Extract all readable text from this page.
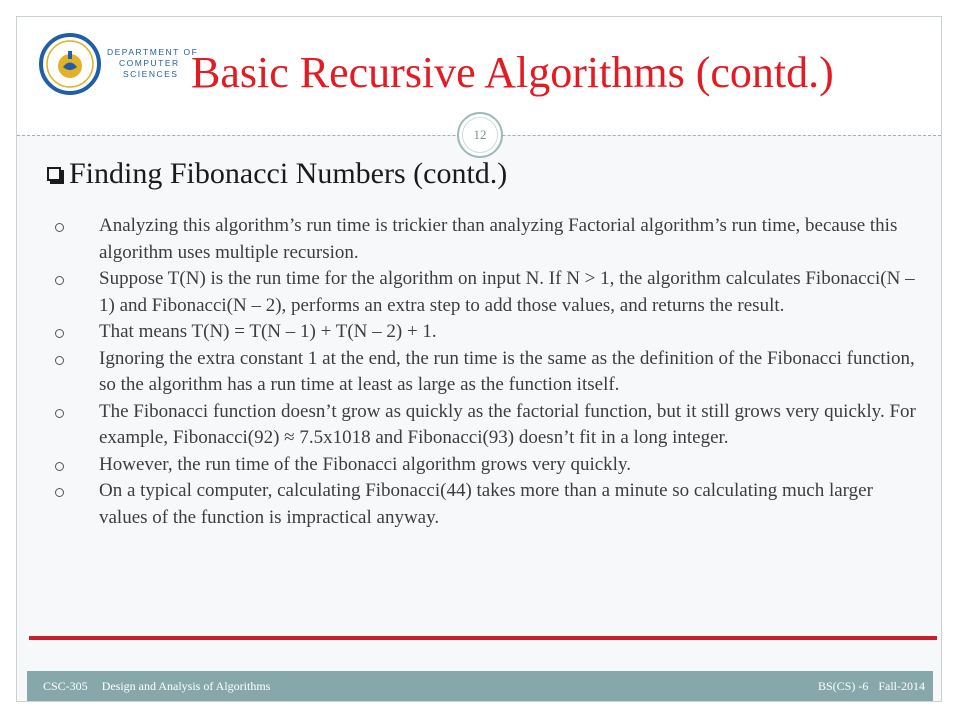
DEPARTMENT OF
COMPUTER
SCIENCES Basic Recursive Algorithms (contd.)
12
Finding Fibonacci Numbers (contd.)
Analyzing this algorithm’s run time is trickier than analyzing Factorial algorithm’s run time, because this algorithm uses multiple recursion.
Suppose T(N) is the run time for the algorithm on input N. If N > 1, the algorithm calculates Fibonacci(N – 1) and Fibonacci(N – 2), performs an extra step to add those values, and returns the result.
That means T(N) = T(N – 1) + T(N – 2) + 1.
Ignoring the extra constant 1 at the end, the run time is the same as the definition of the Fibonacci function, so the algorithm has a run time at least as large as the function itself.
The Fibonacci function doesn’t grow as quickly as the factorial function, but it still grows very quickly. For example, Fibonacci(92) ≈ 7.5x1018 and Fibonacci(93) doesn’t fit in a long integer.
However, the run time of the Fibonacci algorithm grows very quickly.
On a typical computer, calculating Fibonacci(44) takes more than a minute so calculating much larger values of the function is impractical anyway.
CSC-305 Design and Analysis of Algorithms	BS(CS) -6 Fall-2014
